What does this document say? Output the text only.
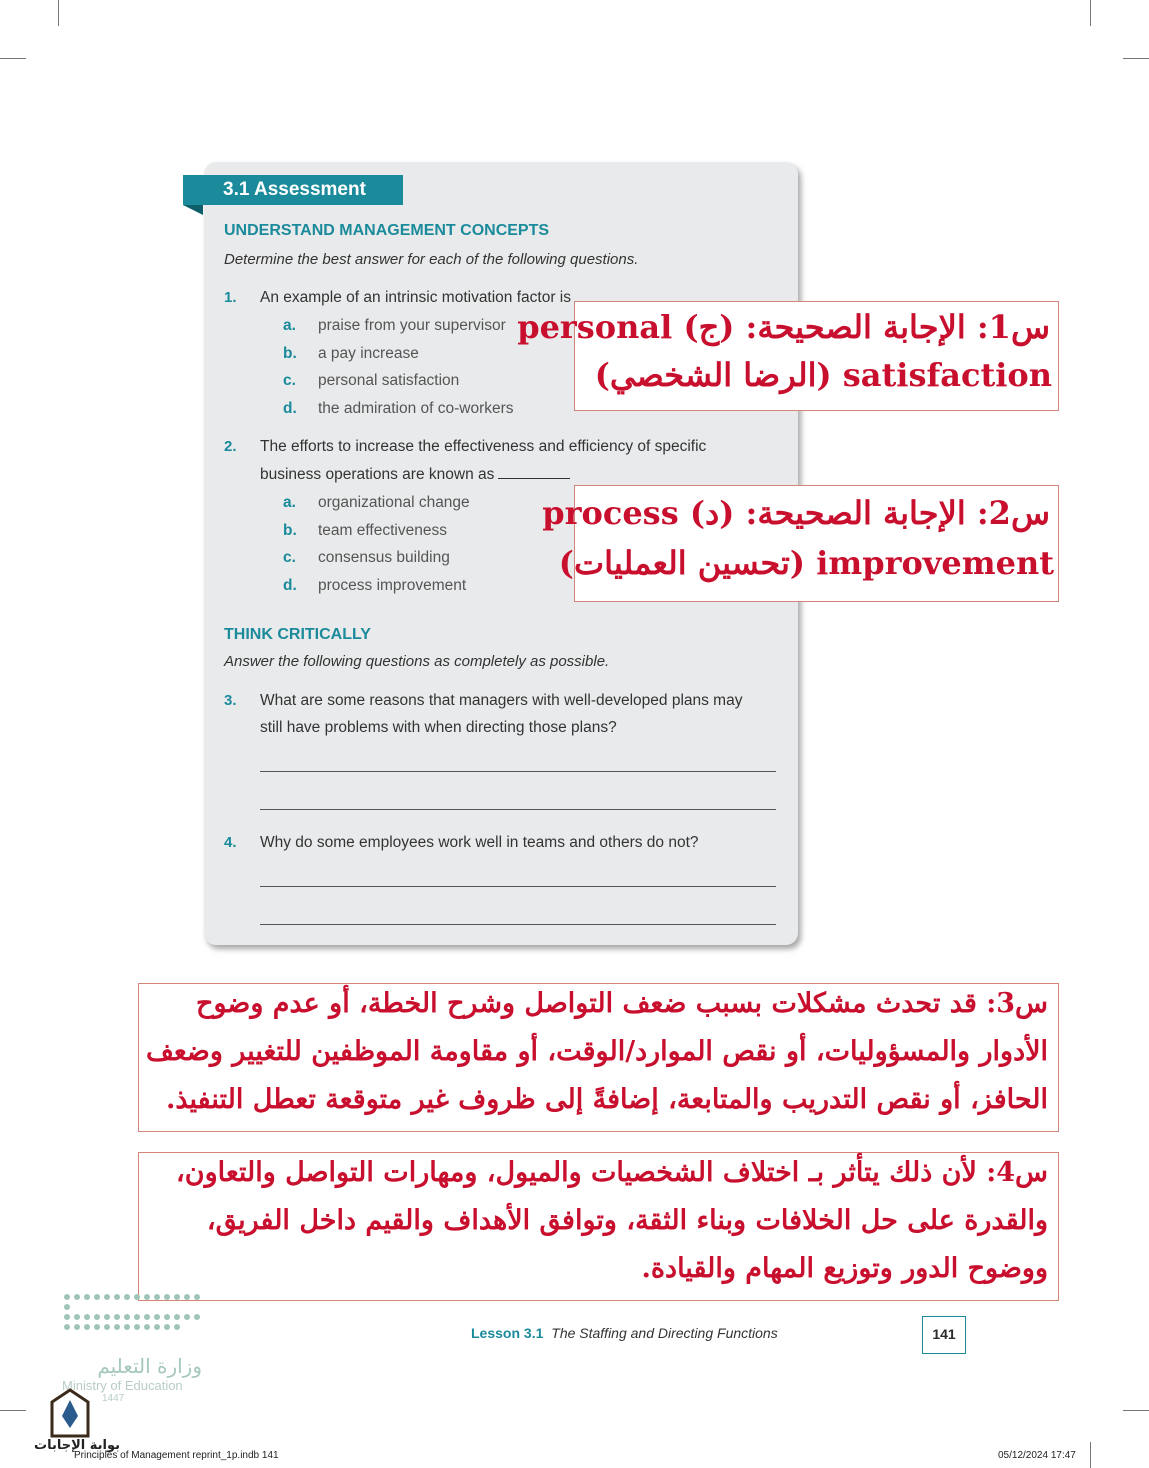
3.1 Assessment
UNDERSTAND MANAGEMENT CONCEPTS
Determine the best answer for each of the following questions.
1. An example of an intrinsic motivation factor is
a. praise from your supervisor
b. a pay increase
c. personal satisfaction
d. the admiration of co-workers
2. The efforts to increase the effectiveness and efficiency of specific
business operations are known as
a. organizational change
b. team effectiveness
c. consensus building
d. process improvement
THINK CRITICALLY
Answer the following questions as completely as possible.
3. What are some reasons that managers with well-developed plans may
still have problems with when directing those plans?
4. Why do some employees work well in teams and others do not?
س1: الإجابة الصحيحة: (ج) personal
satisfaction (الرضا الشخصي)
س2: الإجابة الصحيحة: (د) process
improvement (تحسين العمليات)
س3: قد تحدث مشكلات بسبب ضعف التواصل وشرح الخطة، أو عدم وضوح
الأدوار والمسؤوليات، أو نقص الموارد/الوقت، أو مقاومة الموظفين للتغيير وضعف
الحافز، أو نقص التدريب والمتابعة، إضافةً إلى ظروف غير متوقعة تعطل التنفيذ.
س4: لأن ذلك يتأثر بـ اختلاف الشخصيات والميول، ومهارات التواصل والتعاون،
والقدرة على حل الخلافات وبناء الثقة، وتوافق الأهداف والقيم داخل الفريق،
ووضوح الدور وتوزيع المهام والقيادة.
Lesson 3.1 The Staffing and Directing Functions	141

وزارة التعليم
Ministry of Education
1447
بوابة الإجابات
Principles of Management reprint_1p.indb 141	05/12/2024 17:47
